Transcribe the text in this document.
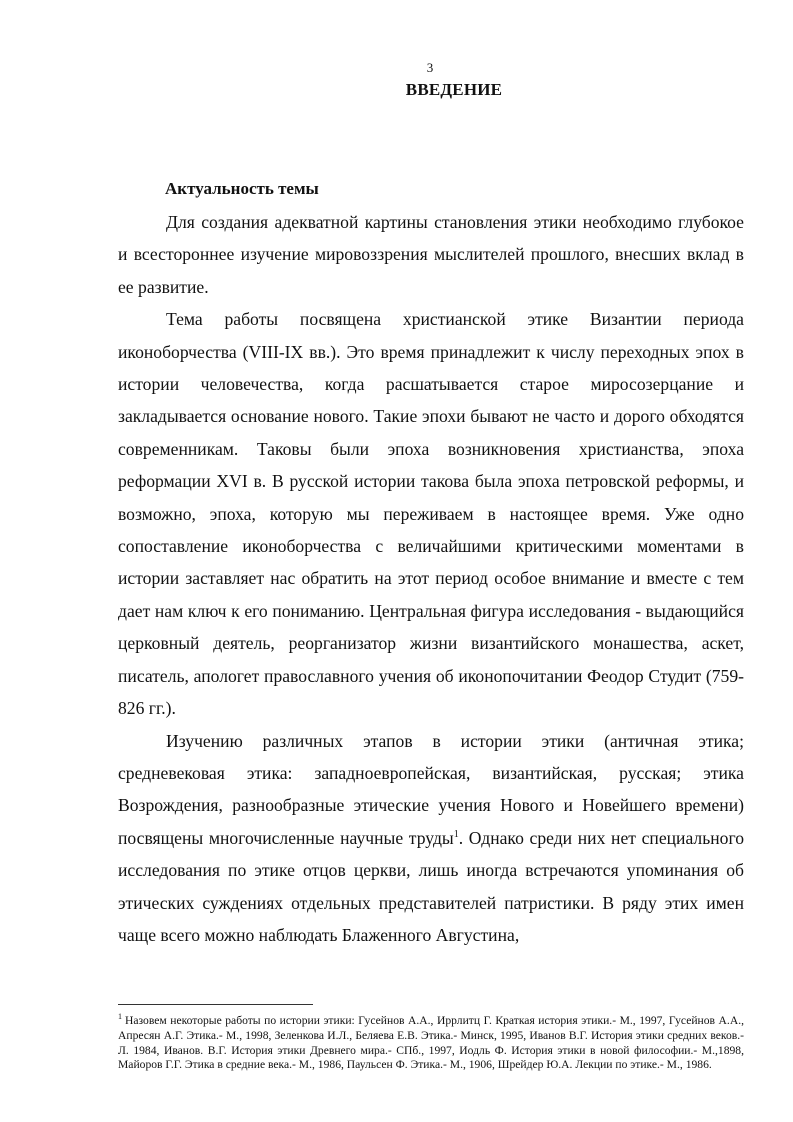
3
ВВЕДЕНИЕ
Актуальность темы

Для создания адекватной картины становления этики необходимо глубокое и всестороннее изучение мировоззрения мыслителей прошлого, внесших вклад в ее развитие.

Тема работы посвящена христианской этике Византии периода иконоборчества (VIII-IX вв.). Это время принадлежит к числу переходных эпох в истории человечества, когда расшатывается старое миросозерцание и закладывается основание нового. Такие эпохи бывают не часто и дорого обходятся современникам. Таковы были эпоха возникновения христианства, эпоха реформации XVI в. В русской истории такова была эпоха петровской реформы, и возможно, эпоха, которую мы переживаем в настоящее время. Уже одно сопоставление иконоборчества с величайшими критическими моментами в истории заставляет нас обратить на этот период особое внимание и вместе с тем дает нам ключ к его пониманию. Центральная фигура исследования - выдающийся церковный деятель, реорганизатор жизни византийского монашества, аскет, писатель, апологет православного учения об иконопочитании Феодор Студит (759-826 гг.).

Изучению различных этапов в истории этики (античная этика; средневековая этика: западноевропейская, византийская, русская; этика Возрождения, разнообразные этические учения Нового и Новейшего времени) посвящены многочисленные научные труды$^1$. Однако среди них нет специального исследования по этике отцов церкви, лишь иногда встречаются упоминания об этических суждениях отдельных представителей патристики. В ряду этих имен чаще всего можно наблюдать Блаженного Августина,

$^1$ Назовем некоторые работы по истории этики: Гусейнов А.А., Иррлитц Г. Краткая история этики.- М., 1997, Гусейнов А.А., Апресян А.Г. Этика.- М., 1998, Зеленкова И.Л., Беляева Е.В. Этика.- Минск, 1995, Иванов В.Г. История этики средних веков.- Л. 1984, Иванов. В.Г. История этики Древнего мира.- СПб., 1997, Иодль Ф. История этики в новой философии.- М.,1898, Майоров Г.Г. Этика в средние века.- М., 1986, Паульсен Ф. Этика.- М., 1906, Шрейдер Ю.А. Лекции по этике.- М., 1986.
